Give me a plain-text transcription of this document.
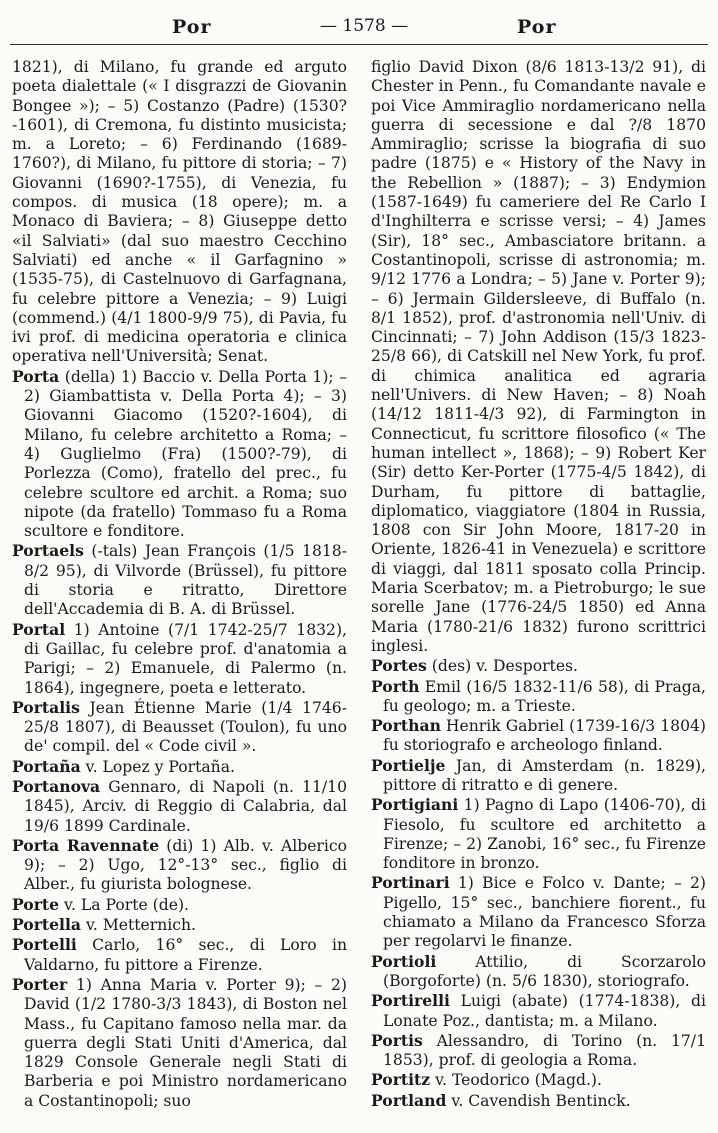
Por	— 1578 —	Por

1821), di Milano, fu grande ed arguto poeta dialettale (« I disgrazzi de Giovanin Bongee »); – 5) Costanzo (Padre) (1530?-1601), di Cremona, fu distinto musicista; m. a Loreto; – 6) Ferdinando (1689-1760?), di Milano, fu pittore di storia; – 7) Giovanni (1690?-1755), di Venezia, fu compos. di musica (18 opere); m. a Monaco di Baviera; – 8) Giuseppe detto «il Salviati» (dal suo maestro Cecchino Salviati) ed anche « il Garfagnino » (1535-75), di Castelnuovo di Garfagnana, fu celebre pittore a Venezia; – 9) Luigi (commend.) (4/1 1800-9/9 75), di Pavia, fu ivi prof. di medicina operatoria e clinica operativa nell'Università; Senat.

Porta (della) 1) Baccio v. Della Porta 1); – 2) Giambattista v. Della Porta 4); – 3) Giovanni Giacomo (1520?-1604), di Milano, fu celebre architetto a Roma; – 4) Guglielmo (Fra) (1500?-79), di Porlezza (Como), fratello del prec., fu celebre scultore ed archit. a Roma; suo nipote (da fratello) Tommaso fu a Roma scultore e fonditore.

Portaels (-tals) Jean François (1/5 1818-8/2 95), di Vilvorde (Brüssel), fu pittore di storia e ritratto, Direttore dell'Accademia di B. A. di Brüssel.

Portal 1) Antoine (7/1 1742-25/7 1832), di Gaillac, fu celebre prof. d'anatomia a Parigi; – 2) Emanuele, di Palermo (n. 1864), ingegnere, poeta e letterato.

Portalis Jean Étienne Marie (1/4 1746-25/8 1807), di Beausset (Toulon), fu uno de' compil. del « Code civil ».

Portaña v. Lopez y Portaña.

Portanova Gennaro, di Napoli (n. 11/10 1845), Arciv. di Reggio di Calabria, dal 19/6 1899 Cardinale.

Porta Ravennate (di) 1) Alb. v. Alberico 9); – 2) Ugo, 12°-13° sec., figlio di Alber., fu giurista bolognese.

Porte v. La Porte (de).

Portella v. Metternich.

Portelli Carlo, 16° sec., di Loro in Valdarno, fu pittore a Firenze.

Porter 1) Anna Maria v. Porter 9); – 2) David (1/2 1780-3/3 1843), di Boston nel Mass., fu Capitano famoso nella mar. da guerra degli Stati Uniti d'America, dal 1829 Console Generale negli Stati di Barberia e poi Ministro nordamericano a Costantinopoli; suo

figlio David Dixon (8/6 1813-13/2 91), di Chester in Penn., fu Comandante navale e poi Vice Ammiraglio nordamericano nella guerra di secessione e dal ?/8 1870 Ammiraglio; scrisse la biografia di suo padre (1875) e « History of the Navy in the Rebellion » (1887); – 3) Endymion (1587-1649) fu cameriere del Re Carlo I d'Inghilterra e scrisse versi; – 4) James (Sir), 18° sec., Ambasciatore britann. a Costantinopoli, scrisse di astronomia; m. 9/12 1776 a Londra; – 5) Jane v. Porter 9); – 6) Jermain Gildersleeve, di Buffalo (n. 8/1 1852), prof. d'astronomia nell'Univ. di Cincinnati; – 7) John Addison (15/3 1823-25/8 66), di Catskill nel New York, fu prof. di chimica analitica ed agraria nell'Univers. di New Haven; – 8) Noah (14/12 1811-4/3 92), di Farmington in Connecticut, fu scrittore filosofico (« The human intellect », 1868); – 9) Robert Ker (Sir) detto Ker-Porter (1775-4/5 1842), di Durham, fu pittore di battaglie, diplomatico, viaggiatore (1804 in Russia, 1808 con Sir John Moore, 1817-20 in Oriente, 1826-41 in Venezuela) e scrittore di viaggi, dal 1811 sposato colla Princip. Maria Scerbatov; m. a Pietroburgo; le sue sorelle Jane (1776-24/5 1850) ed Anna Maria (1780-21/6 1832) furono scrittrici inglesi.

Portes (des) v. Desportes.

Porth Emil (16/5 1832-11/6 58), di Praga, fu geologo; m. a Trieste.

Porthan Henrik Gabriel (1739-16/3 1804) fu storiografo e archeologo finland.

Portielje Jan, di Amsterdam (n. 1829), pittore di ritratto e di genere.

Portigiani 1) Pagno di Lapo (1406-70), di Fiesolo, fu scultore ed architetto a Firenze; – 2) Zanobi, 16° sec., fu Firenze fonditore in bronzo.

Portinari 1) Bice e Folco v. Dante; – 2) Pigello, 15° sec., banchiere fiorent., fu chiamato a Milano da Francesco Sforza per regolarvi le finanze.

Portioli Attilio, di Scorzarolo (Borgoforte) (n. 5/6 1830), storiografo.

Portirelli Luigi (abate) (1774-1838), di Lonate Poz., dantista; m. a Milano.

Portis Alessandro, di Torino (n. 17/1 1853), prof. di geologia a Roma.

Portitz v. Teodorico (Magd.).

Portland v. Cavendish Bentinck.
